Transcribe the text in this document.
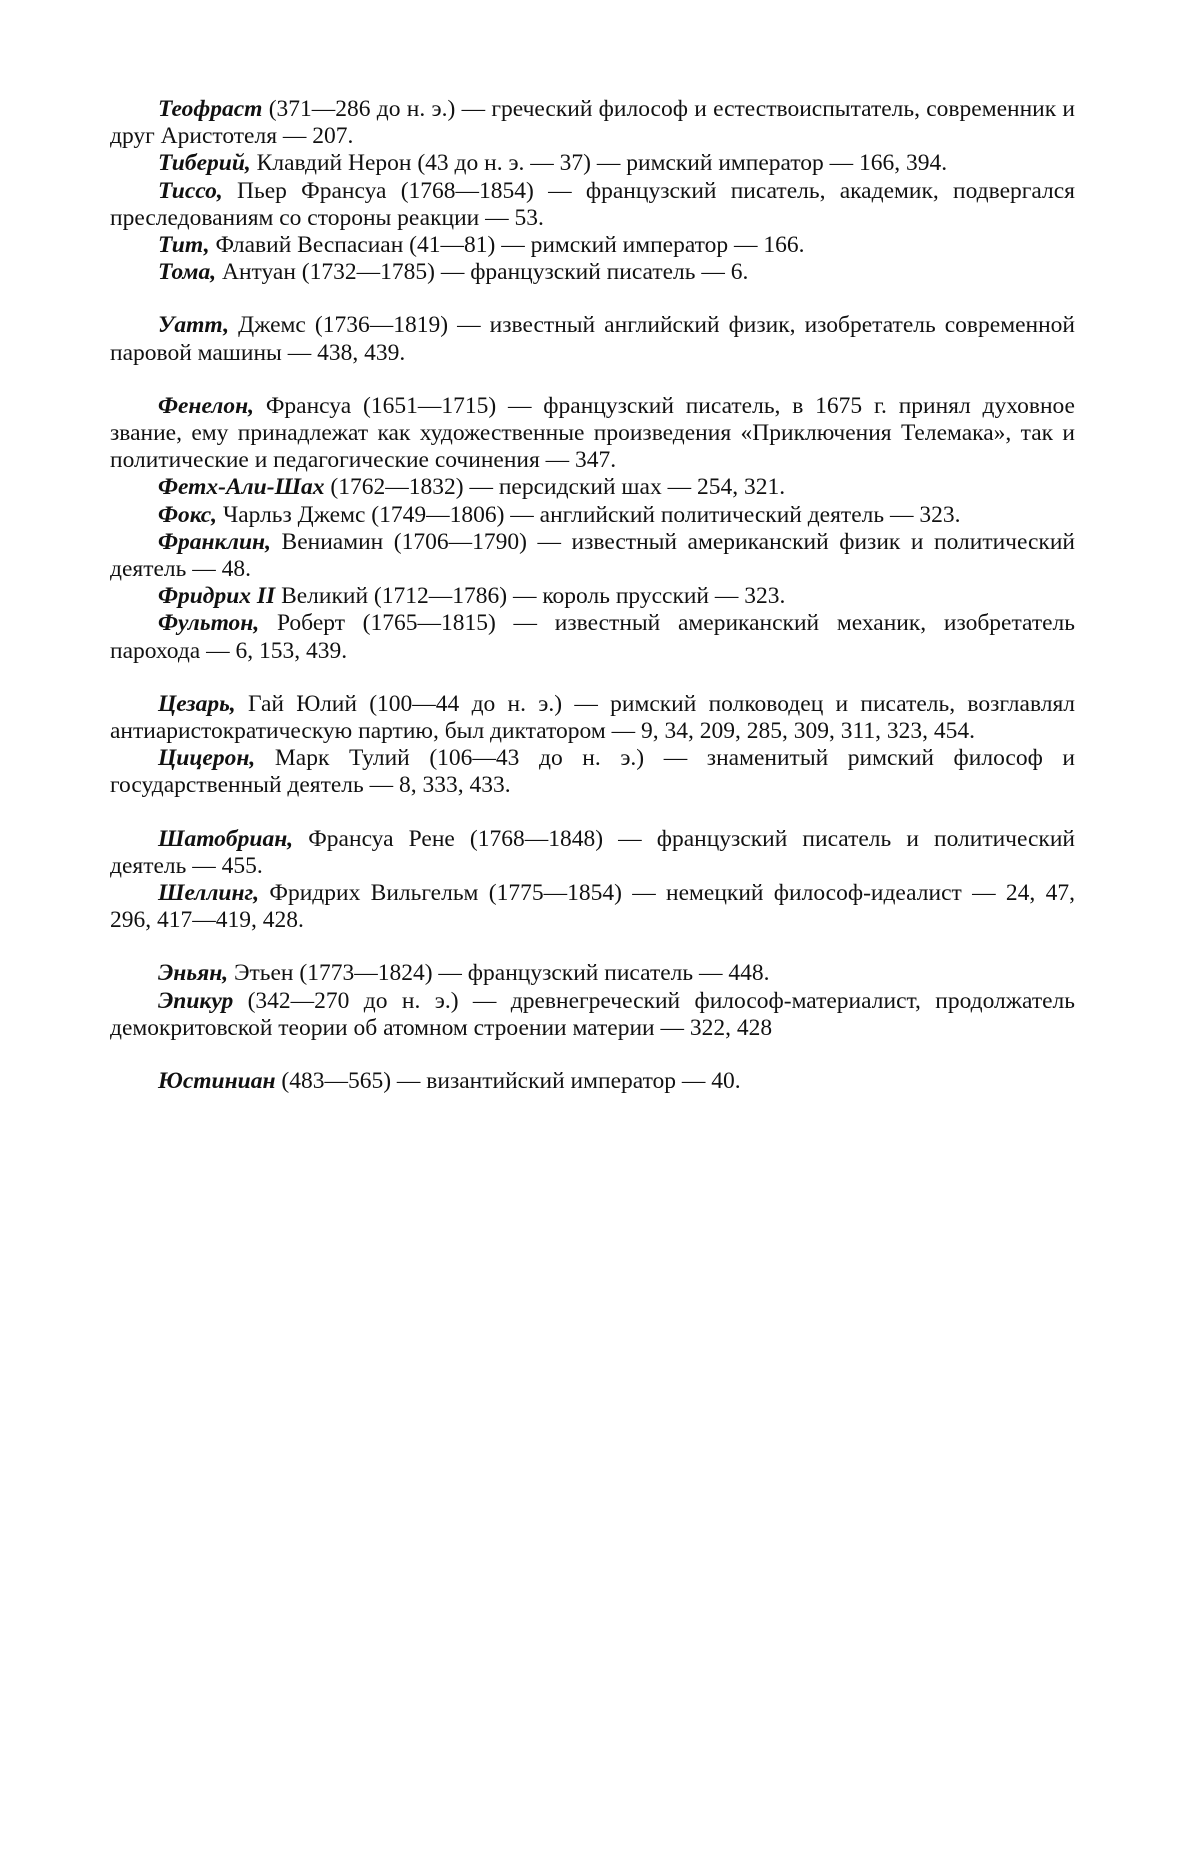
Теофраст (371—286 до н. э.) — греческий философ и естествоиспытатель, современник и друг Аристотеля — 207.

Тиберий, Клавдий Нерон (43 до н. э. — 37) — римский император — 166, 394.

Тиссо, Пьер Франсуа (1768—1854) — французский писатель, академик, подвергался преследованиям со стороны реакции — 53.

Тит, Флавий Веспасиан (41—81) — римский император — 166.

Тома, Антуан (1732—1785) — французский писатель — 6.

Уатт, Джемс (1736—1819) — известный английский физик, изобретатель современной паровой машины — 438, 439.

Фенелон, Франсуа (1651—1715) — французский писатель, в 1675 г. принял духовное звание, ему принадлежат как художественные произведения «Приключения Телемака», так и политические и педагогические сочинения — 347.

Фетх-Али-Шах (1762—1832) — персидский шах — 254, 321.

Фокс, Чарльз Джемс (1749—1806) — английский политический деятель — 323.

Франклин, Вениамин (1706—1790) — известный американский физик и политический деятель — 48.

Фридрих II Великий (1712—1786) — король прусский — 323.

Фультон, Роберт (1765—1815) — известный американский механик, изобретатель парохода — 6, 153, 439.

Цезарь, Гай Юлий (100—44 до н. э.) — римский полководец и писатель, возглавлял антиаристократическую партию, был диктатором — 9, 34, 209, 285, 309, 311, 323, 454.

Цицерон, Марк Тулий (106—43 до н. э.) — знаменитый римский философ и государственный деятель — 8, 333, 433.

Шатобриан, Франсуа Рене (1768—1848) — французский писатель и политический деятель — 455.

Шеллинг, Фридрих Вильгельм (1775—1854) — немецкий философ-идеалист — 24, 47, 296, 417—419, 428.

Эньян, Этьен (1773—1824) — французский писатель — 448.

Эпикур (342—270 до н. э.) — древнегреческий философ-материалист, продолжатель демокритовской теории об атомном строении материи — 322, 428

Юстиниан (483—565) — византийский император — 40.
